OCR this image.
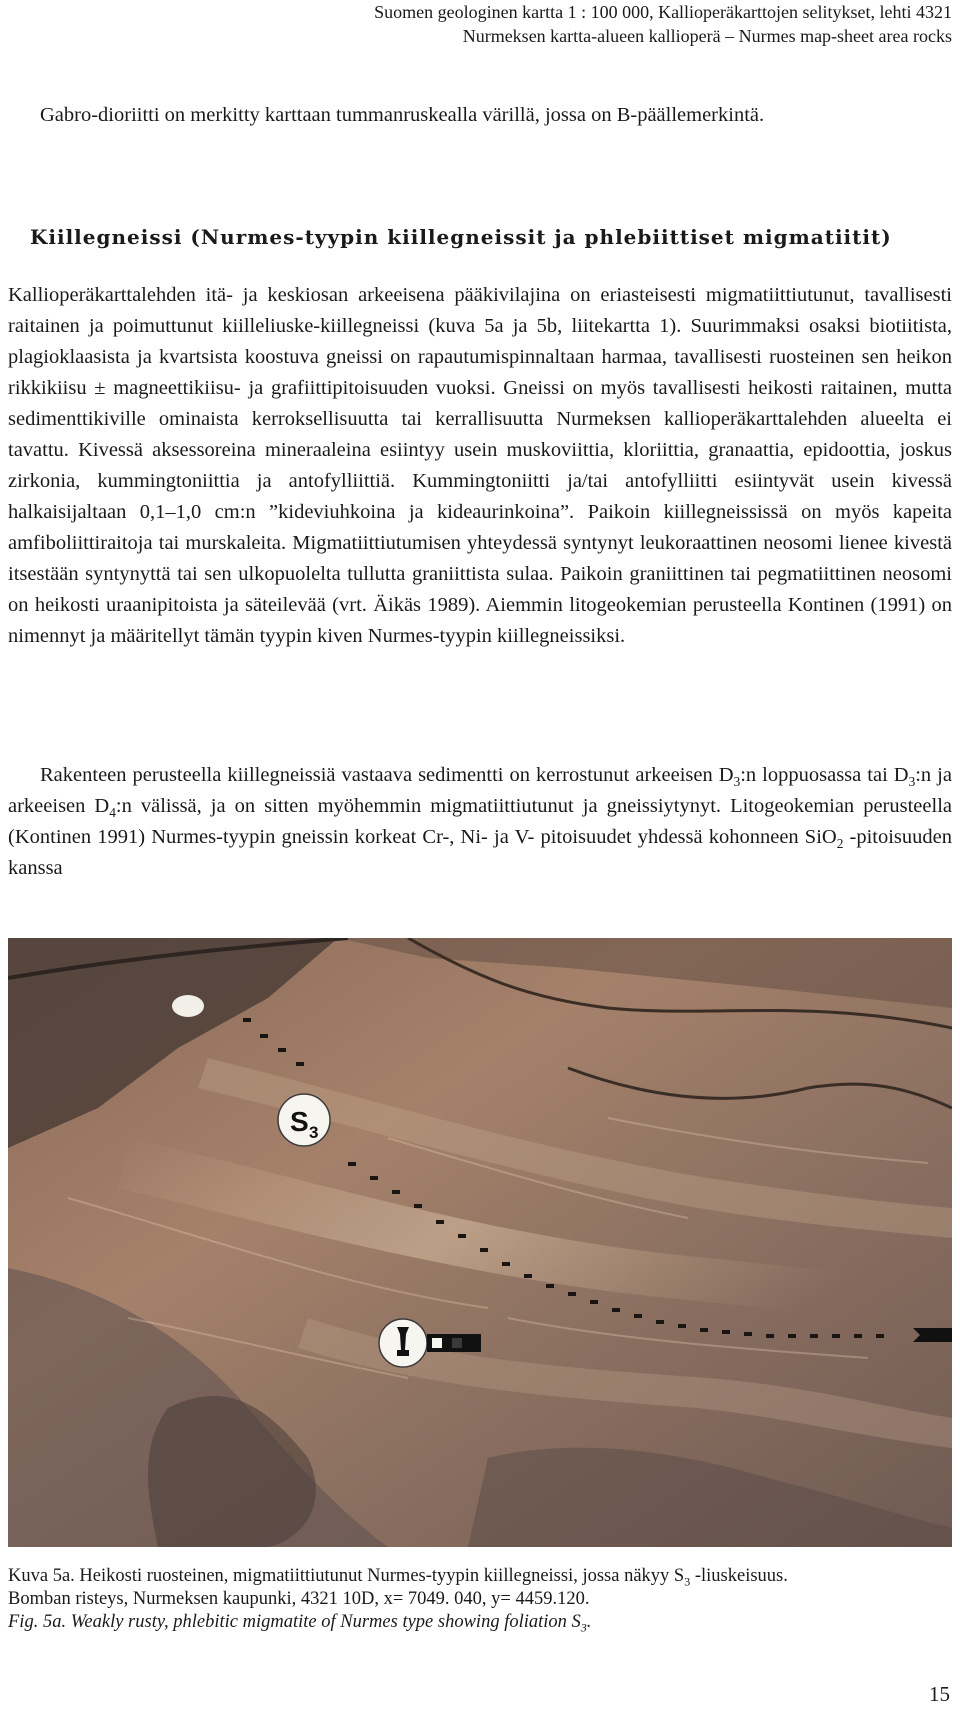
Suomen geologinen kartta 1 : 100 000, Kallioperäkarttojen selitykset, lehti 4321
Nurmeksen kartta-alueen kallioperä – Nurmes map-sheet area rocks

Gabro-dioriitti on merkitty karttaan tummanruskealla värillä, jossa on B-päällemerkintä.

Kiillegneissi (Nurmes-tyypin kiillegneissit ja phlebiittiset migmatiitit)

Kallioperäkarttalehden itä- ja keskiosan arkeeisena pääkivilajina on eriasteisesti migmatiittiutunut, tavallisesti raitainen ja poimuttunut kiilleliuske-kiillegneissi (kuva 5a ja 5b, liitekartta 1). Suurimmaksi osaksi biotiitista, plagioklaasista ja kvartsista koostuva gneissi on rapautumispinnaltaan harmaa, tavallisesti ruosteinen sen heikon rikkikiisu ± magneettikiisu- ja grafiittipitoisuuden vuoksi. Gneissi on myös tavallisesti heikosti raitainen, mutta sedimenttikiville ominaista kerroksellisuutta tai kerrallisuutta Nurmeksen kallioperäkarttalehden alueelta ei tavattu. Kivessä aksessoreina mineraaleina esiintyy usein muskoviittia, kloriittia, granaattia, epidoottia, joskus zirkonia, kummingtoniittia ja antofylliittiä. Kummingtoniitti ja/tai antofylliitti esiintyvät usein kivessä halkaisijaltaan 0,1–1,0 cm:n ”kideviuhkoina ja kideaurinkoina”. Paikoin kiillegneississä on myös kapeita amfiboliittiraitoja tai murskaleita. Migmatiittiutumisen yhteydessä syntynyt leukoraattinen neosomi lienee kivestä itsestään syntynyttä tai sen ulkopuolelta tullutta graniittista sulaa. Paikoin graniittinen tai pegmatiittinen neosomi on heikosti uraanipitoista ja säteilevää (vrt. Äikäs 1989). Aiemmin litogeokemian perusteella Kontinen (1991) on nimennyt ja määritellyt tämän tyypin kiven Nurmes-tyypin kiillegneissiksi.

Rakenteen perusteella kiillegneissiä vastaava sedimentti on kerrostunut arkeeisen $D_3:n$ loppuosassa tai $D_3:n$ ja arkeeisen $D_4:n$ välissä, ja on sitten myöhemmin migmatiittiutunut ja gneissiytynyt. Litogeokemian perusteella (Kontinen 1991) Nurmes-tyypin gneissin korkeat Cr-, Ni- ja V- pitoisuudet yhdessä kohonneen SiO$_2$ -pitoisuuden kanssa

S 3
Kuva 5a. Heikosti ruosteinen, migmatiittiutunut Nurmes-tyypin kiillegneissi, jossa näkyy $S_3$ -liuskeisuus.
Bomban risteys, Nurmeksen kaupunki, 4321 10D, x= 7049. 040, y= 4459.120.
Fig. 5a. Weakly rusty, phlebitic migmatite of Nurmes type showing foliation $S_3$.
15
